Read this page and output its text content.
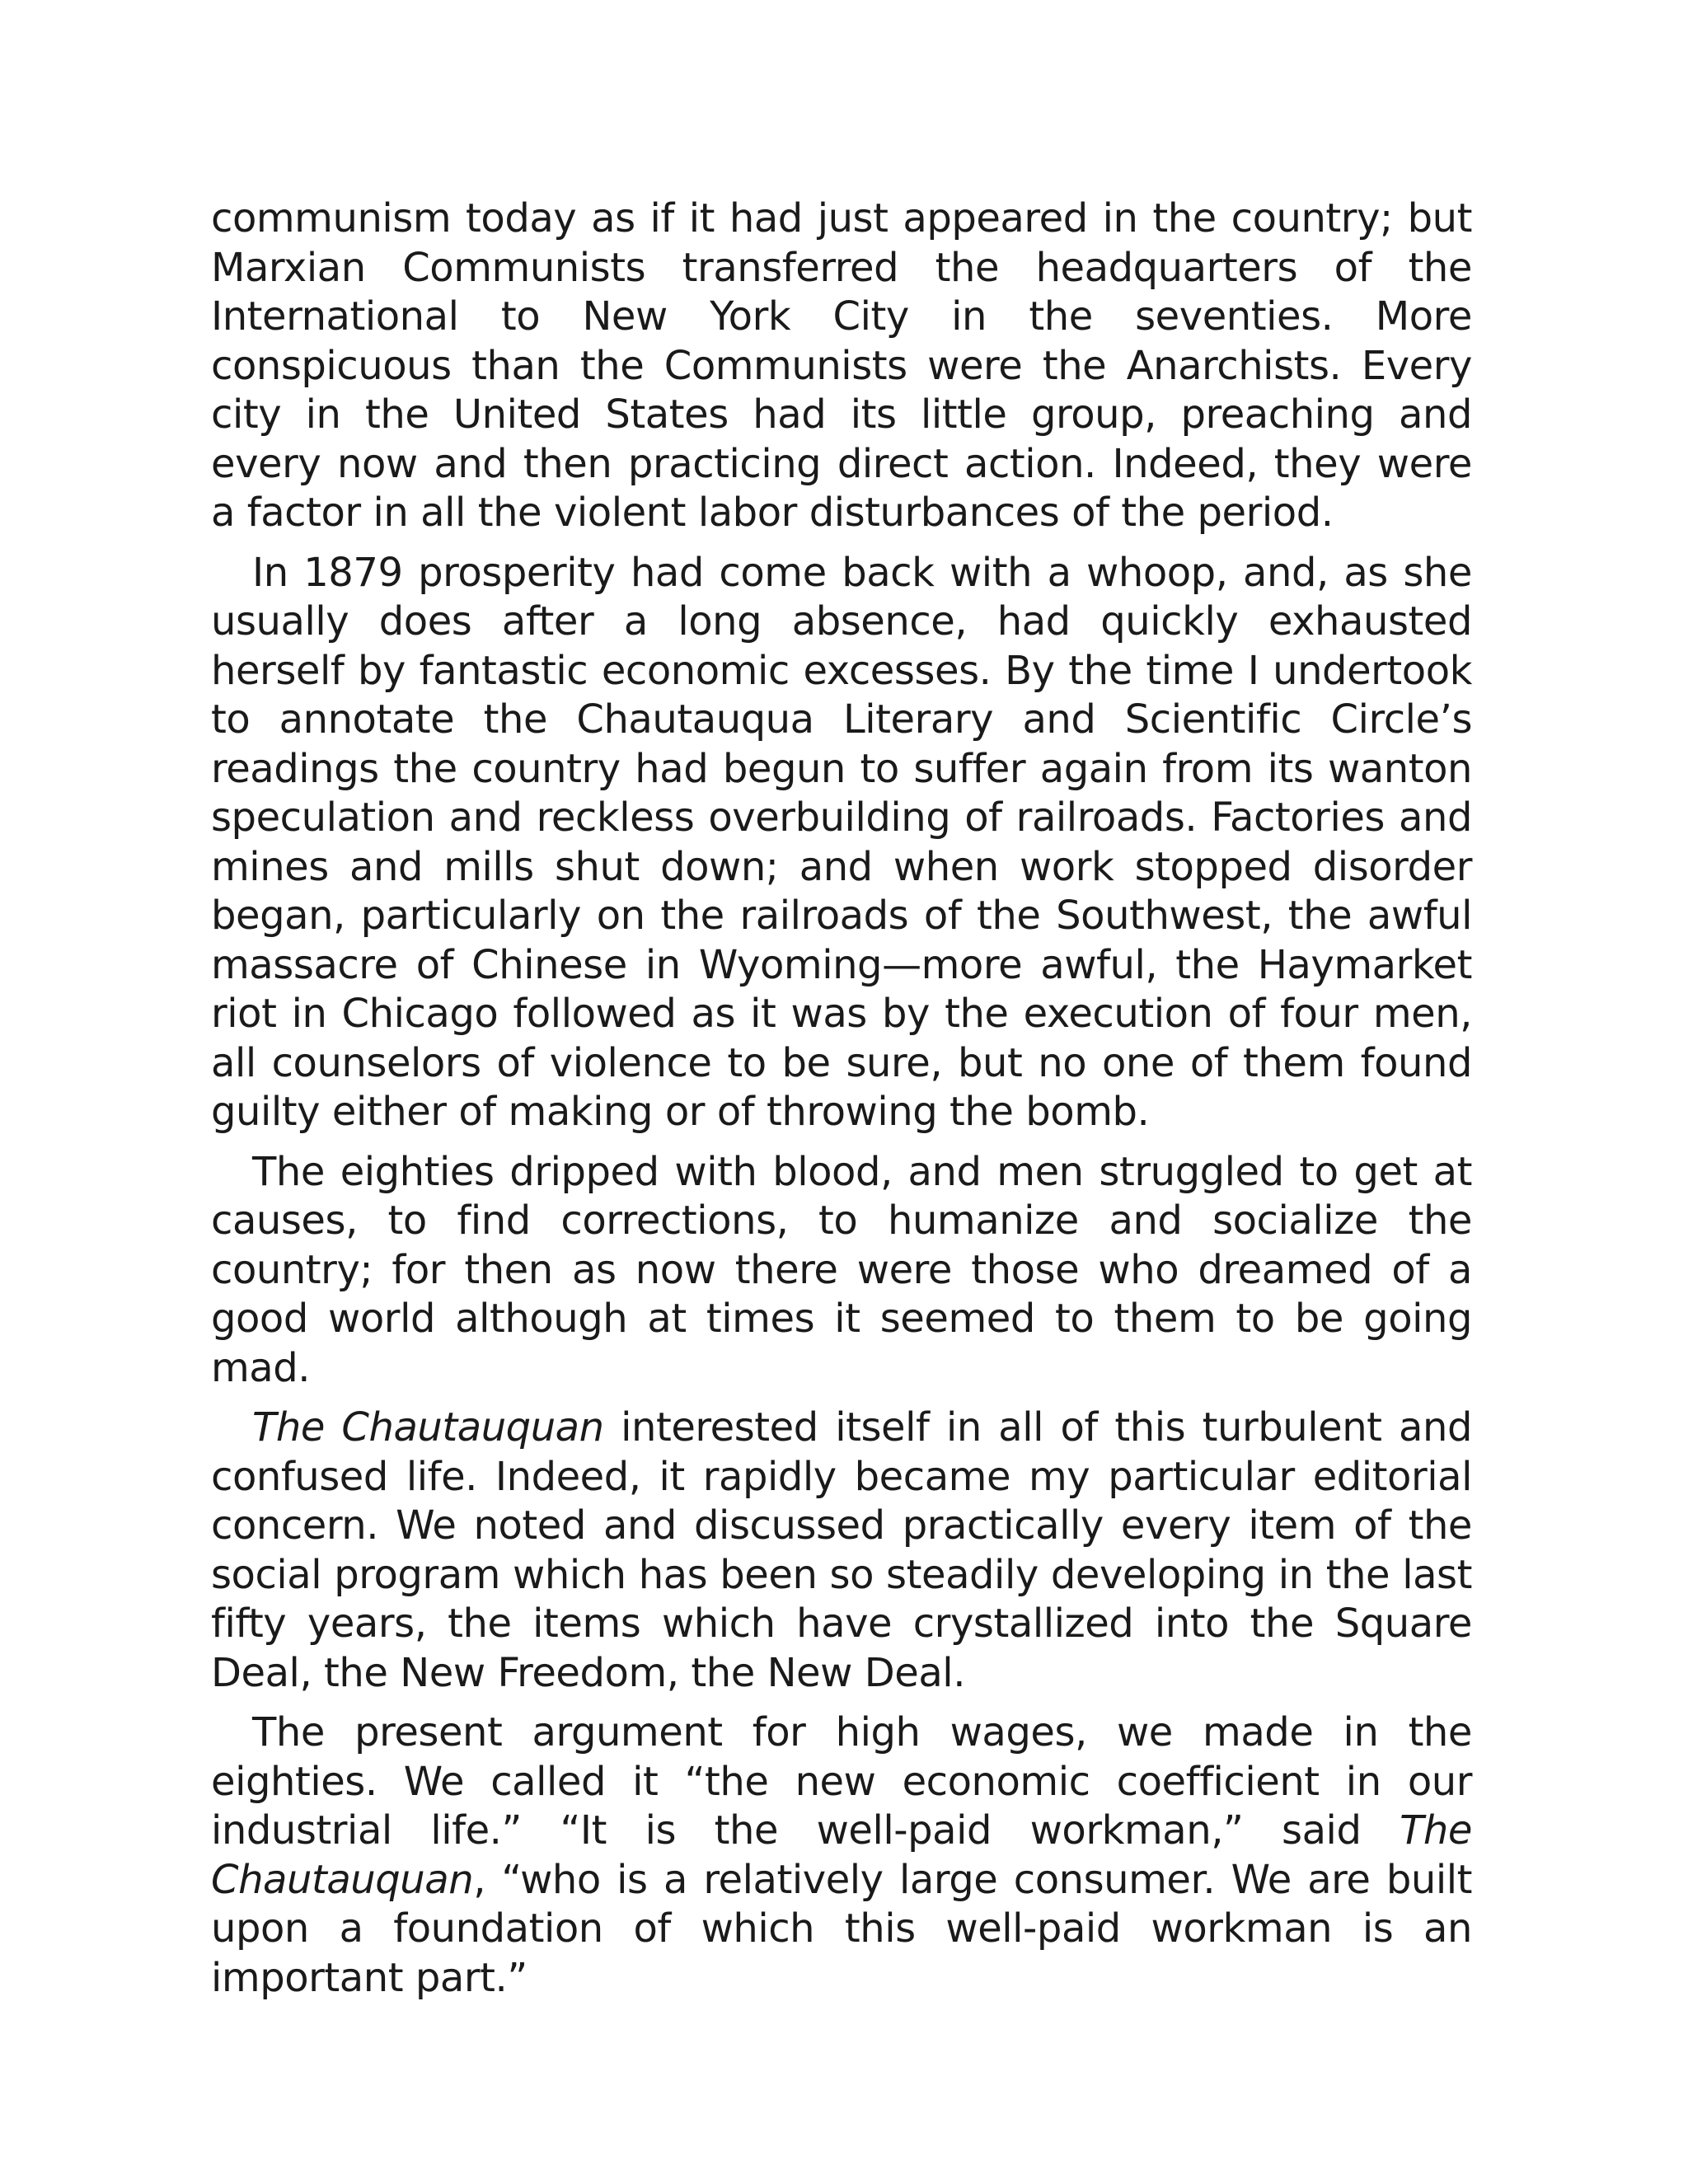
communism today as if it had just appeared in the country; but Marxian Communists transferred the headquarters of the International to New York City in the seventies. More conspicuous than the Communists were the Anarchists. Every city in the United States had its little group, preaching and every now and then practicing direct action. Indeed, they were a factor in all the violent labor disturbances of the period.

In 1879 prosperity had come back with a whoop, and, as she usually does after a long absence, had quickly exhausted herself by fantastic economic excesses. By the time I undertook to annotate the Chautauqua Literary and Scientific Circle’s readings the country had begun to suffer again from its wanton speculation and reckless overbuilding of railroads. Factories and mines and mills shut down; and when work stopped disorder began, particularly on the railroads of the Southwest, the awful massacre of Chinese in Wyoming—more awful, the Haymarket riot in Chicago followed as it was by the execution of four men, all counselors of violence to be sure, but no one of them found guilty either of making or of throwing the bomb.

The eighties dripped with blood, and men struggled to get at causes, to find corrections, to humanize and socialize the country; for then as now there were those who dreamed of a good world although at times it seemed to them to be going mad.

The Chautauquan interested itself in all of this turbulent and confused life. Indeed, it rapidly became my particular editorial concern. We noted and discussed practically every item of the social program which has been so steadily developing in the last fifty years, the items which have crystallized into the Square Deal, the New Freedom, the New Deal.

The present argument for high wages, we made in the eighties. We called it “the new economic coefficient in our industrial life.” “It is the well-paid workman,” said The Chautauquan, “who is a relatively large consumer. We are built upon a foundation of which this well-paid workman is an important part.”
